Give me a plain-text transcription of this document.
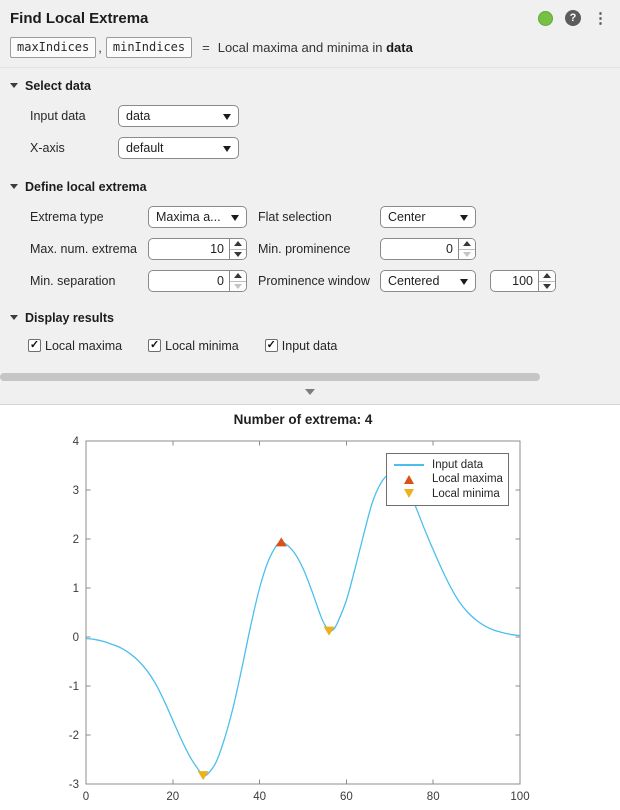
Find Local Extrema	?	⋮
maxIndices , minIndices	= Local maxima and minima in data
Select data
Input data	data
X-axis	default
Define local extrema
Extrema type	Maxima a...	Flat selection	Center
Max. num. extrema	10	Min. prominence	0
Min. separation	0	Prominence window	Centered	100
Display results
✓ Local maxima	✓ Local minima	✓ Input data
Number of extrema: 4
0	20	40	60	80	100
-3
-2
-1
0
1
2
3
4
Input data
Local maxima
Local minima
